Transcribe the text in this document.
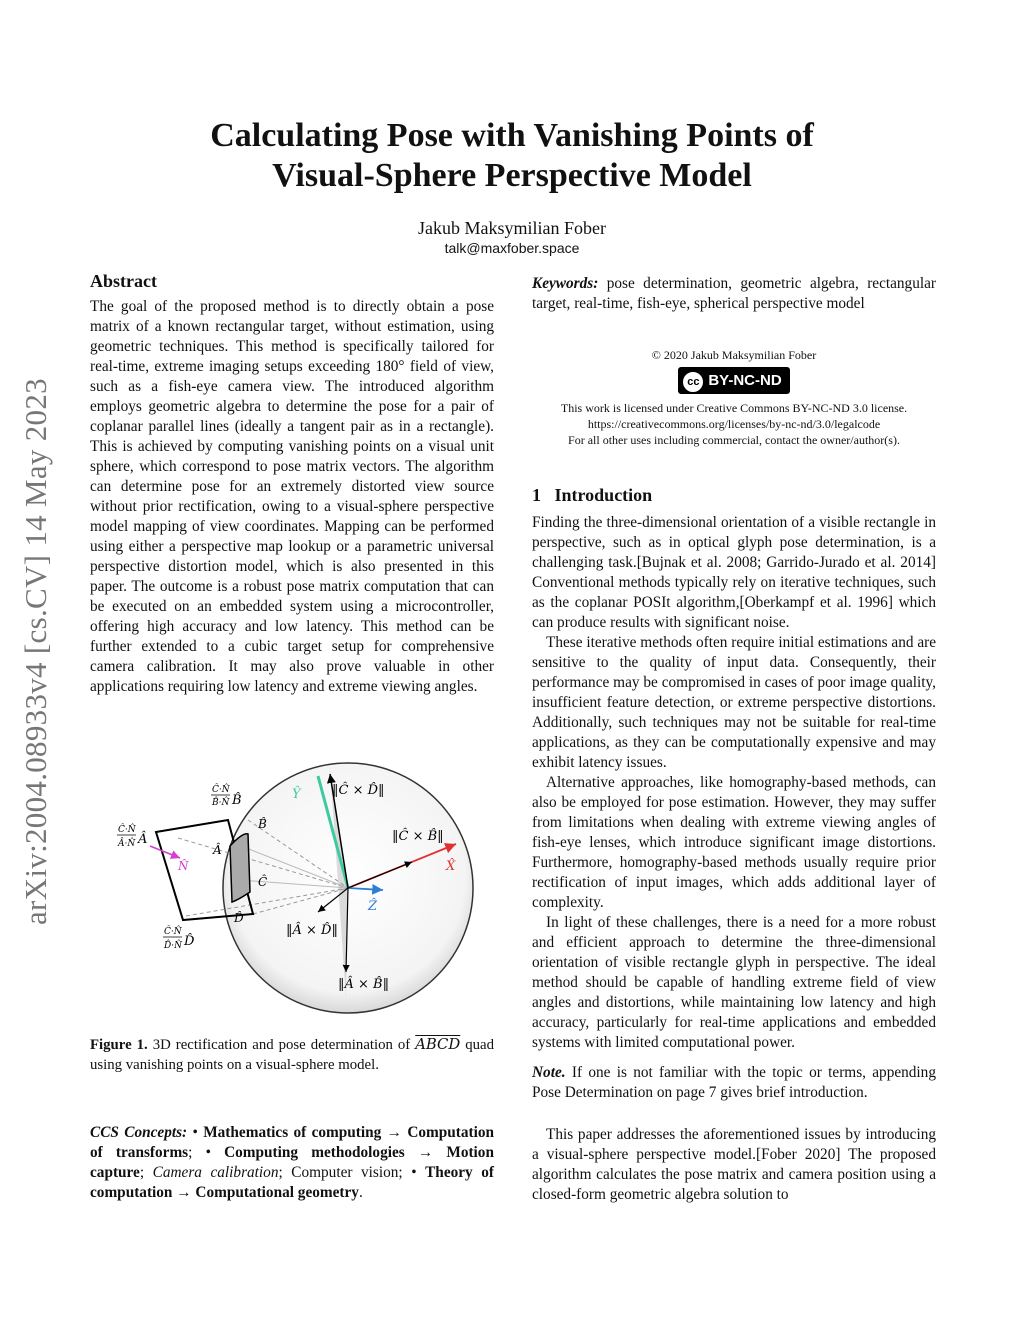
Calculating Pose with Vanishing Points of
Visual-Sphere Perspective Model
Jakub Maksymilian Fober
talk@maxfober.space
arXiv:2004.08933v4 [cs.CV] 14 May 2023
Abstract

The goal of the proposed method is to directly obtain a pose matrix of a known rectangular target, without estimation, using geometric techniques. This method is specifically tailored for real-time, extreme imaging setups exceeding 180° field of view, such as a fish-eye camera view. The introduced algorithm employs geometric algebra to determine the pose for a pair of coplanar parallel lines (ideally a tangent pair as in a rectangle). This is achieved by computing vanishing points on a visual unit sphere, which correspond to pose matrix vectors. The algorithm can determine pose for an extremely distorted view source without prior rectification, owing to a visual-sphere perspective model mapping of view coordinates. Mapping can be performed using either a perspective map lookup or a parametric universal perspective distortion model, which is also presented in this paper. The outcome is a robust pose matrix computation that can be executed on an embedded system using a microcontroller, offering high accuracy and low latency. This method can be further extended to a cubic target setup for comprehensive camera calibration. It may also prove valuable in other applications requiring low latency and extreme viewing angles.

Ŷ
X̂
Ẑ
N̂
‖Ĉ × D̂‖
‖Ĉ × B̂‖
‖Â × D̂‖
‖Â × B̂‖
B̂
Â
Ĉ
D̂
Ĉ·N̂
B̂·N̂ B̂
Ĉ·N̂
Â·N̂ Â
Ĉ·N̂
D̂·N̂ D̂
Figure 1. 3D rectification and pose determination of ABCD quad using vanishing points on a visual-sphere model.
CCS Concepts: • Mathematics of computing → Computation of transforms; • Computing methodologies → Motion capture; Camera calibration; Computer vision; • Theory of computation → Computational geometry.
Keywords: pose determination, geometric algebra, rectangular target, real-time, fish-eye, spherical perspective model
© 2020 Jakub Maksymilian Fober
cc BY-NC-ND
This work is licensed under Creative Commons BY-NC-ND 3.0 license.
https://creativecommons.org/licenses/by-nc-nd/3.0/legalcode
For all other uses including commercial, contact the owner/author(s).
1 Introduction

Finding the three-dimensional orientation of a visible rectangle in perspective, such as in optical glyph pose determination, is a challenging task.[Bujnak et al. 2008; Garrido-Jurado et al. 2014] Conventional methods typically rely on iterative techniques, such as the coplanar POSIt algorithm,[Oberkampf et al. 1996] which can produce results with significant noise.

These iterative methods often require initial estimations and are sensitive to the quality of input data. Consequently, their performance may be compromised in cases of poor image quality, insufficient feature detection, or extreme perspective distortions. Additionally, such techniques may not be suitable for real-time applications, as they can be computationally expensive and may exhibit latency issues.

Alternative approaches, like homography-based methods, can also be employed for pose estimation. However, they may suffer from limitations when dealing with extreme viewing angles of fish-eye lenses, which introduce significant image distortions. Furthermore, homography-based methods usually require prior rectification of input images, which adds additional layer of complexity.

In light of these challenges, there is a need for a more robust and efficient approach to determine the three-dimensional orientation of visible rectangle glyph in perspective. The ideal method should be capable of handling extreme field of view angles and distortions, while maintaining low latency and high accuracy, particularly for real-time applications and embedded systems with limited computational power.

Note. If one is not familiar with the topic or terms, appending Pose Determination on page 7 gives brief introduction.

This paper addresses the aforementioned issues by introducing a visual-sphere perspective model.[Fober 2020] The proposed algorithm calculates the pose matrix and camera position using a closed-form geometric algebra solution to
